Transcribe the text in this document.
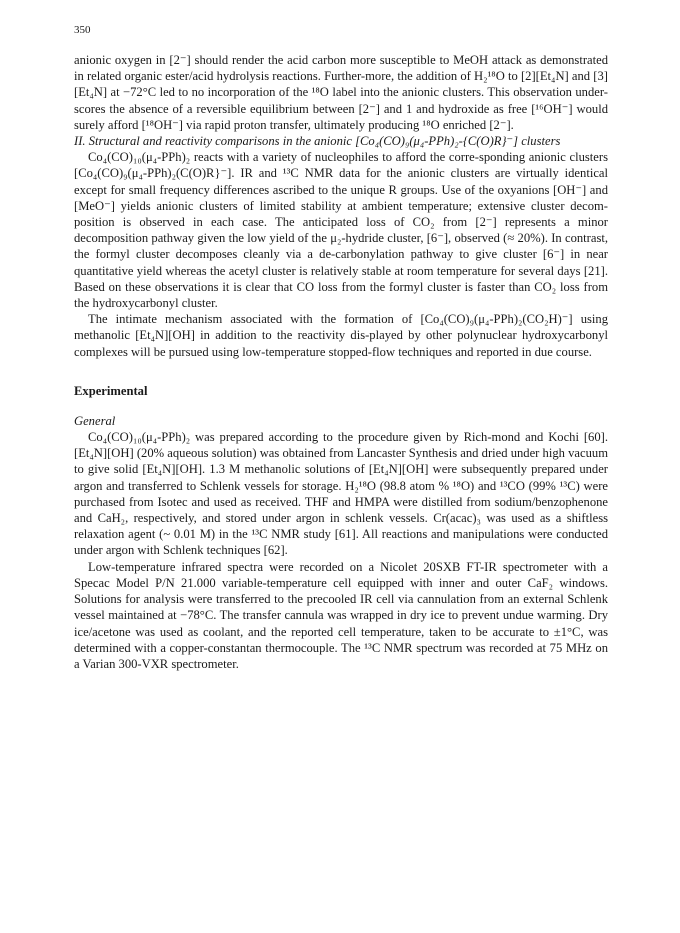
350

anionic oxygen in [2⁻] should render the acid carbon more susceptible to MeOH attack as demonstrated in related organic ester/acid hydrolysis reactions. Further-more, the addition of H₂¹⁸O to [2][Et₄N] and [3][Et₄N] at −72°C led to no incorporation of the ¹⁸O label into the anionic clusters. This observation under-scores the absence of a reversible equilibrium between [2⁻] and 1 and hydroxide as free [¹⁶OH⁻] would surely afford [¹⁸OH⁻] via rapid proton transfer, ultimately producing ¹⁸O enriched [2⁻].

II. Structural and reactivity comparisons in the anionic [Co₄(CO)₉(μ₄-PPh)₂-{C(O)R}⁻] clusters

Co₄(CO)₁₀(μ₄-PPh)₂ reacts with a variety of nucleophiles to afford the corre-sponding anionic clusters [Co₄(CO)₉(μ₄-PPh)₂(C(O)R}⁻]. IR and ¹³C NMR data for the anionic clusters are virtually identical except for small frequency differences ascribed to the unique R groups. Use of the oxyanions [OH⁻] and [MeO⁻] yields anionic clusters of limited stability at ambient temperature; extensive cluster decom-position is observed in each case. The anticipated loss of CO₂ from [2⁻] represents a minor decomposition pathway given the low yield of the μ₂-hydride cluster, [6⁻], observed (≈ 20%). In contrast, the formyl cluster decomposes cleanly via a de-carbonylation pathway to give cluster [6⁻] in near quantitative yield whereas the acetyl cluster is relatively stable at room temperature for several days [21]. Based on these observations it is clear that CO loss from the formyl cluster is faster than CO₂ loss from the hydroxycarbonyl cluster.

The intimate mechanism associated with the formation of [Co₄(CO)₉(μ₄-PPh)₂(CO₂H)⁻] using methanolic [Et₄N][OH] in addition to the reactivity dis-played by other polynuclear hydroxycarbonyl complexes will be pursued using low-temperature stopped-flow techniques and reported in due course.

Experimental

General

Co₄(CO)₁₀(μ₄-PPh)₂ was prepared according to the procedure given by Rich-mond and Kochi [60]. [Et₄N][OH] (20% aqueous solution) was obtained from Lancaster Synthesis and dried under high vacuum to give solid [Et₄N][OH]. 1.3 M methanolic solutions of [Et₄N][OH] were subsequently prepared under argon and transferred to Schlenk vessels for storage. H₂¹⁸O (98.8 atom % ¹⁸O) and ¹³CO (99% ¹³C) were purchased from Isotec and used as received. THF and HMPA were distilled from sodium/benzophenone and CaH₂, respectively, and stored under argon in schlenk vessels. Cr(acac)₃ was used as a shiftless relaxation agent (~ 0.01 M) in the ¹³C NMR study [61]. All reactions and manipulations were conducted under argon with Schlenk techniques [62].

Low-temperature infrared spectra were recorded on a Nicolet 20SXB FT-IR spectrometer with a Specac Model P/N 21.000 variable-temperature cell equipped with inner and outer CaF₂ windows. Solutions for analysis were transferred to the precooled IR cell via cannulation from an external Schlenk vessel maintained at −78°C. The transfer cannula was wrapped in dry ice to prevent undue warming. Dry ice/acetone was used as coolant, and the reported cell temperature, taken to be accurate to ±1°C, was determined with a copper-constantan thermocouple. The ¹³C NMR spectrum was recorded at 75 MHz on a Varian 300-VXR spectrometer.
